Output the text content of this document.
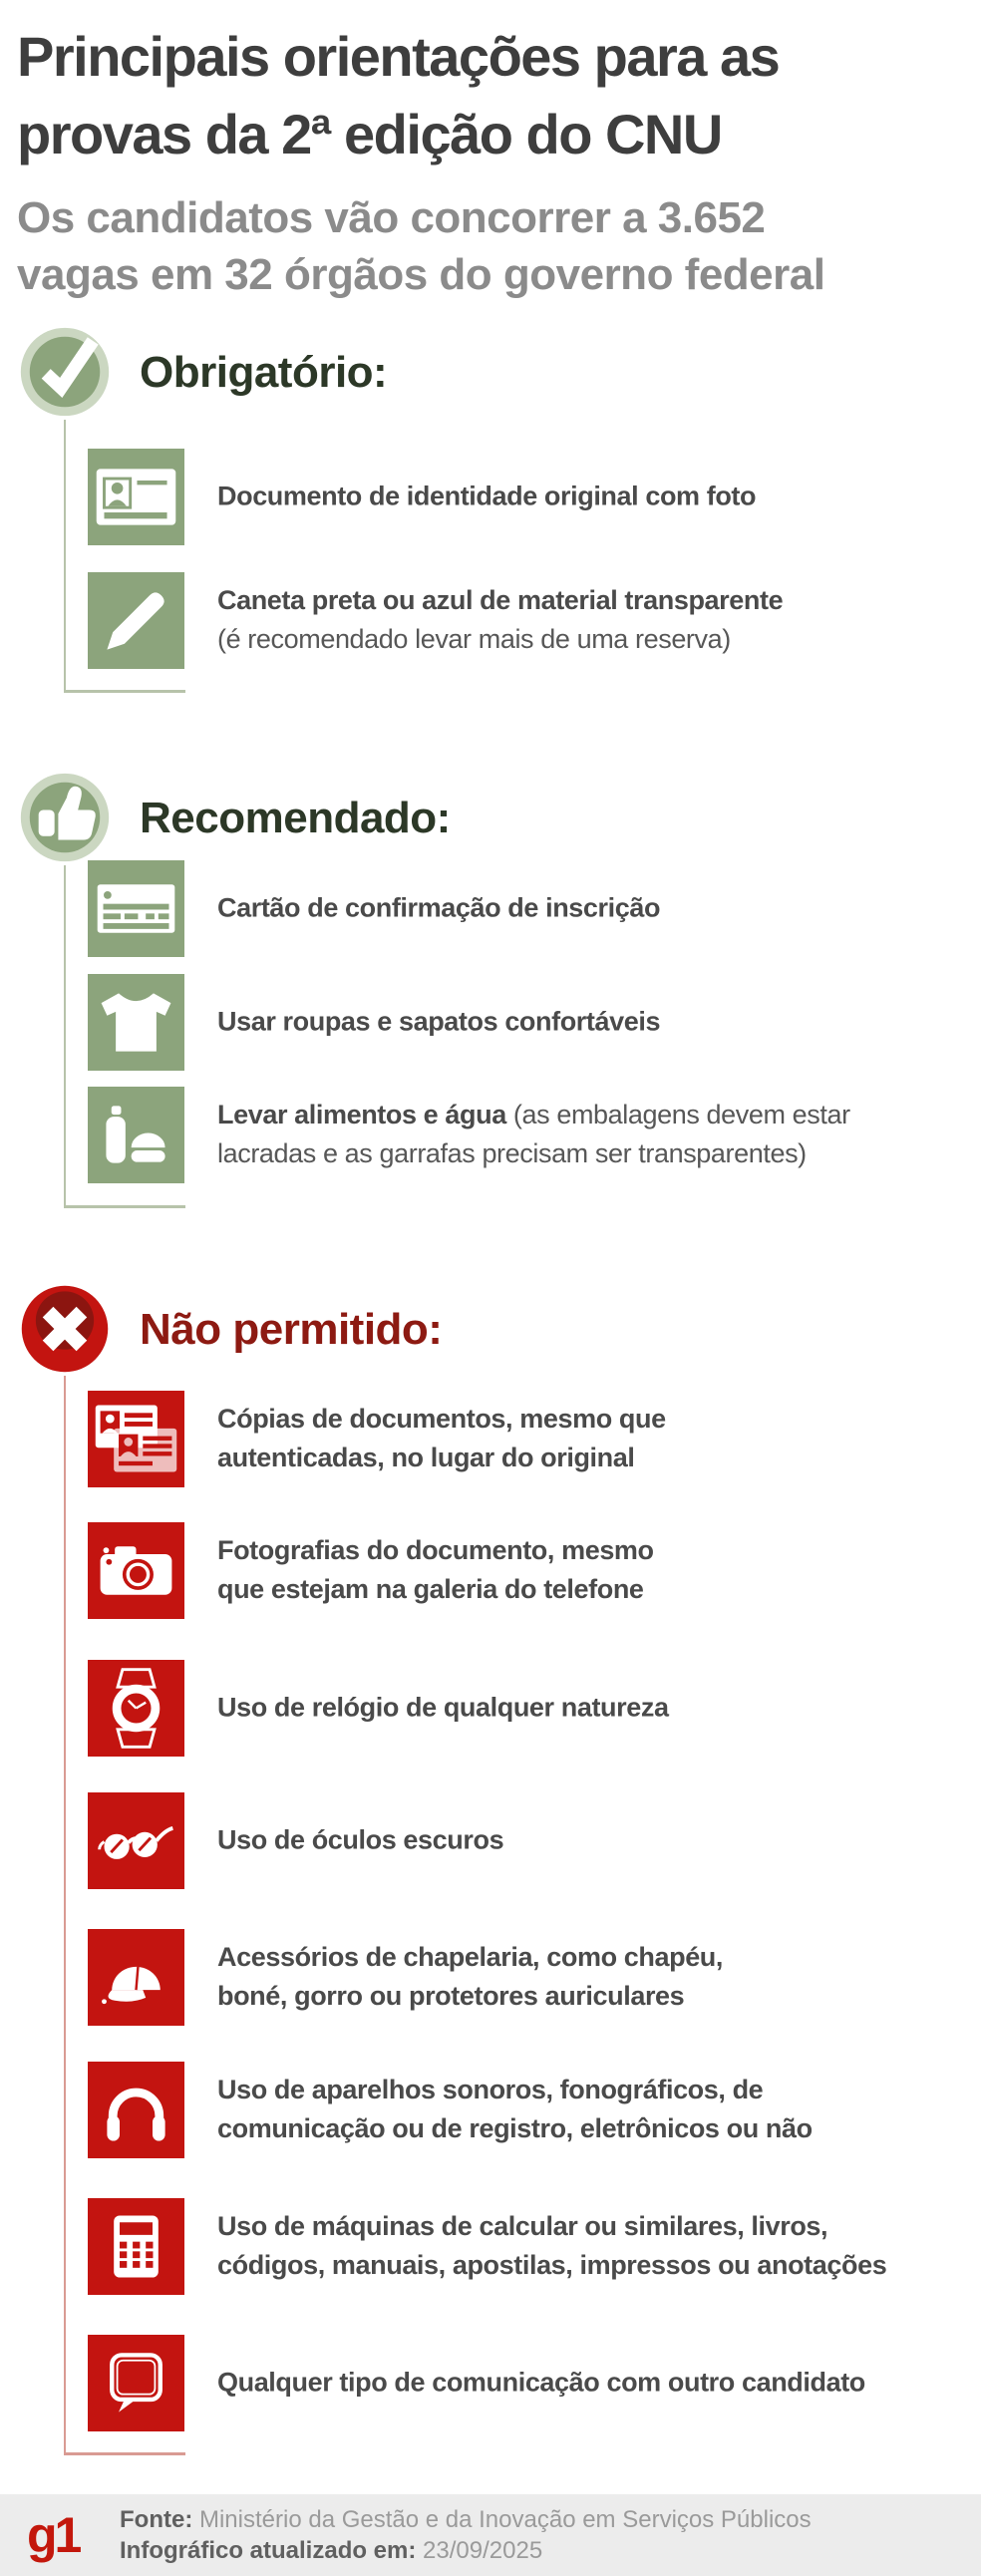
Principais orientações para as
provas da 2ª edição do CNU
Os candidatos vão concorrer a 3.652
vagas em 32 órgãos do governo federal
Obrigatório:
Documento de identidade original com foto
Caneta preta ou azul de material transparente
(é recomendado levar mais de uma reserva)
Recomendado:
Cartão de confirmação de inscrição
Usar roupas e sapatos confortáveis
Levar alimentos e água (as embalagens devem estar
lacradas e as garrafas precisam ser transparentes)
Não permitido:
Cópias de documentos, mesmo que
autenticadas, no lugar do original
Fotografias do documento, mesmo
que estejam na galeria do telefone
Uso de relógio de qualquer natureza
Uso de óculos escuros
Acessórios de chapelaria, como chapéu,
boné, gorro ou protetores auriculares
Uso de aparelhos sonoros, fonográficos, de
comunicação ou de registro, eletrônicos ou não
Uso de máquinas de calcular ou similares, livros,
códigos, manuais, apostilas, impressos ou anotações
Qualquer tipo de comunicação com outro candidato
g1 Fonte: Ministério da Gestão e da Inovação em Serviços Públicos
Infográfico atualizado em: 23/09/2025
